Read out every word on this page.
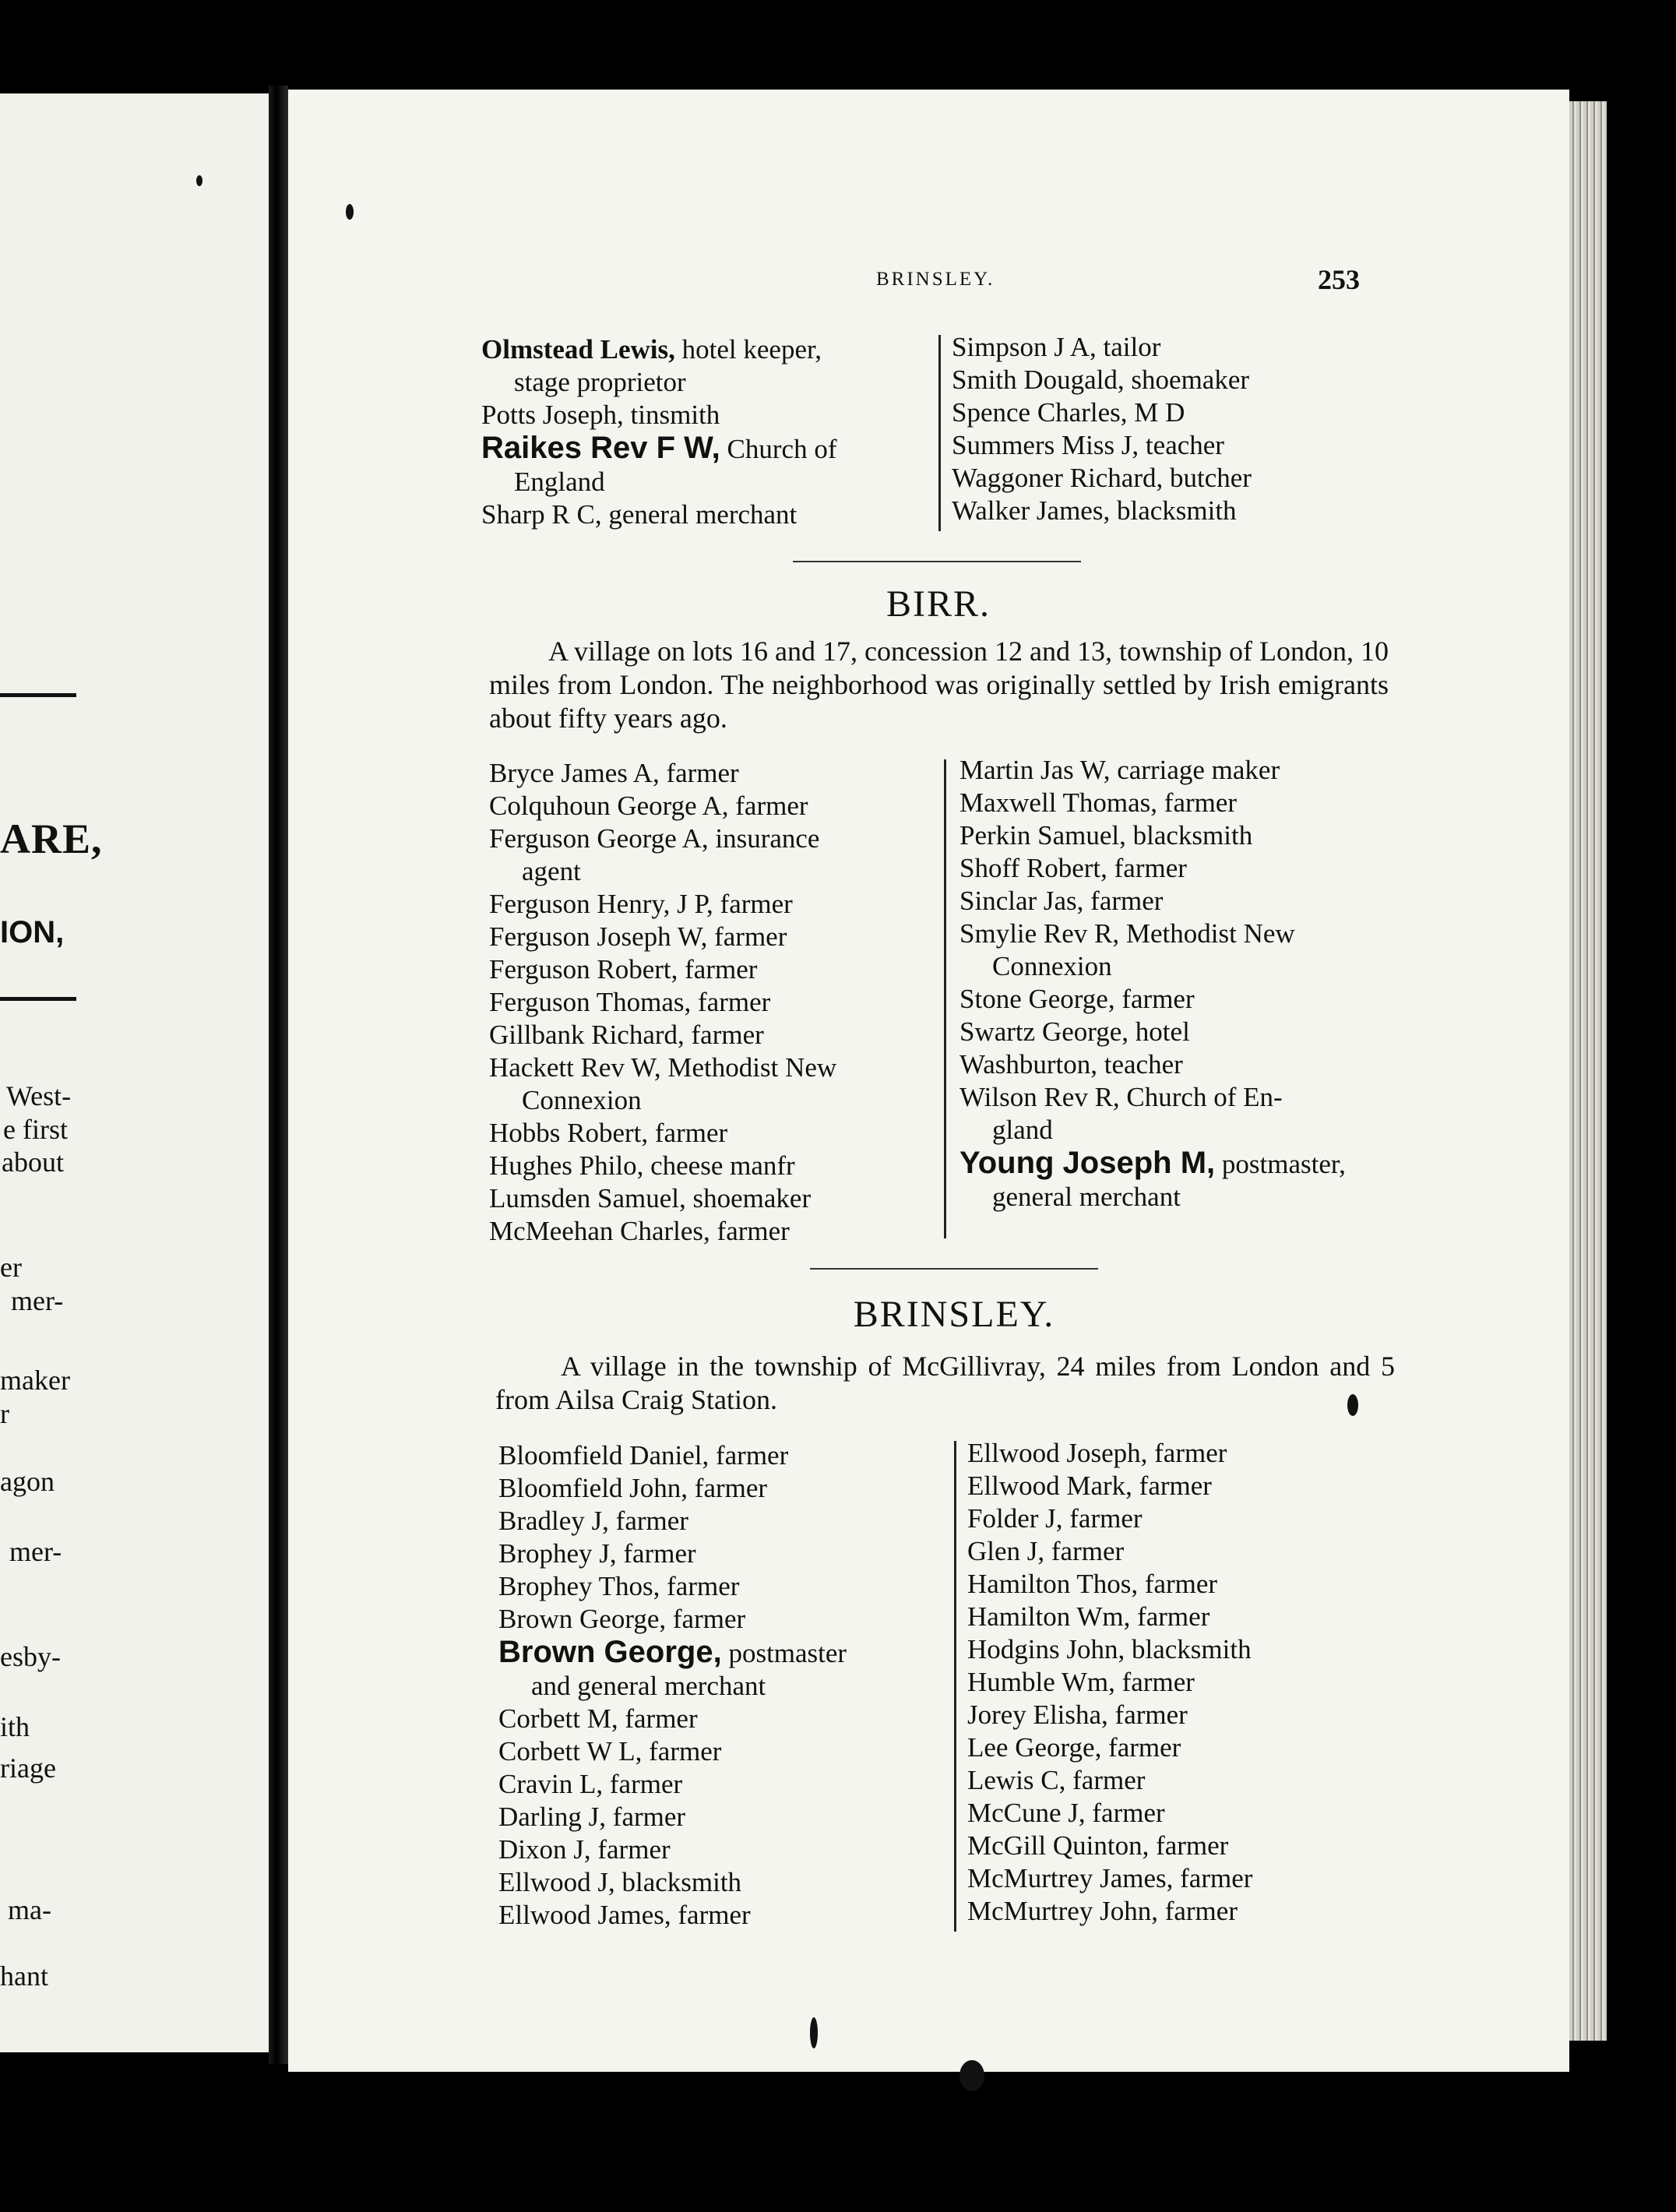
ARE,
ION,
West-
e first
about
er
mer-
maker
r
agon
mer-
esby-
ith
riage
ma-
hant
BRINSLEY.	253
Olmstead Lewis, hotel keeper,
stage proprietor
Potts Joseph, tinsmith
Raikes Rev F W, Church of
England
Sharp R C, general merchant
Simpson J A, tailor
Smith Dougald, shoemaker
Spence Charles, M D
Summers Miss J, teacher
Waggoner Richard, butcher
Walker James, blacksmith
BIRR.
A village on lots 16 and 17, concession 12 and 13, township of London, 10 miles from London. The neighborhood was originally settled by Irish emigrants about fifty years ago.
Bryce James A, farmer
Colquhoun George A, farmer
Ferguson George A, insurance
agent
Ferguson Henry, J P, farmer
Ferguson Joseph W, farmer
Ferguson Robert, farmer
Ferguson Thomas, farmer
Gillbank Richard, farmer
Hackett Rev W, Methodist New
Connexion
Hobbs Robert, farmer
Hughes Philo, cheese manfr
Lumsden Samuel, shoemaker
McMeehan Charles, farmer
Martin Jas W, carriage maker
Maxwell Thomas, farmer
Perkin Samuel, blacksmith
Shoff Robert, farmer
Sinclar Jas, farmer
Smylie Rev R, Methodist New
Connexion
Stone George, farmer
Swartz George, hotel
Washburton, teacher
Wilson Rev R, Church of En-
gland
Young Joseph M, postmaster,
general merchant
BRINSLEY.
A village in the township of McGillivray, 24 miles from London and 5 from Ailsa Craig Station.
Bloomfield Daniel, farmer
Bloomfield John, farmer
Bradley J, farmer
Brophey J, farmer
Brophey Thos, farmer
Brown George, farmer
Brown George, postmaster
and general merchant
Corbett M, farmer
Corbett W L, farmer
Cravin L, farmer
Darling J, farmer
Dixon J, farmer
Ellwood J, blacksmith
Ellwood James, farmer
Ellwood Joseph, farmer
Ellwood Mark, farmer
Folder J, farmer
Glen J, farmer
Hamilton Thos, farmer
Hamilton Wm, farmer
Hodgins John, blacksmith
Humble Wm, farmer
Jorey Elisha, farmer
Lee George, farmer
Lewis C, farmer
McCune J, farmer
McGill Quinton, farmer
McMurtrey James, farmer
McMurtrey John, farmer
